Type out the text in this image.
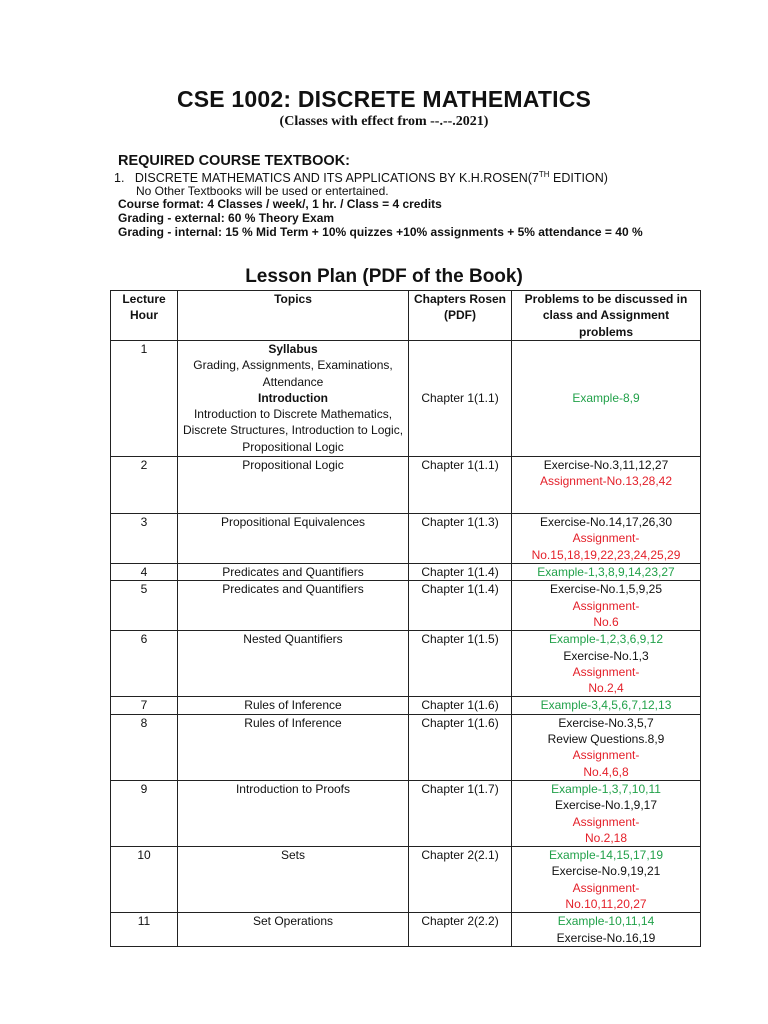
CSE 1002: DISCRETE MATHEMATICS
(Classes with effect from --.--.2021)
REQUIRED COURSE TEXTBOOK:
1. DISCRETE MATHEMATICS AND ITS APPLICATIONS BY K.H.ROSEN(7TH EDITION)
No Other Textbooks will be used or entertained.
Course format: 4 Classes / week/, 1 hr. / Class = 4 credits
Grading - external: 60 % Theory Exam
Grading - internal: 15 % Mid Term + 10% quizzes +10% assignments + 5% attendance = 40 %
Lesson Plan (PDF of the Book)
Lecture Hour	Topics	Chapters Rosen (PDF)	Problems to be discussed in class and Assignment problems
1	Syllabus
Grading, Assignments, Examinations, Attendance
Introduction
Introduction to Discrete Mathematics, Discrete Structures, Introduction to Logic, Propositional Logic	Chapter 1(1.1)	Example-8,9

2	Propositional Logic	Chapter 1(1.1)	Exercise-No.3,11,12,27
Assignment-No.13,28,42

3	Propositional Equivalences	Chapter 1(1.3)	Exercise-No.14,17,26,30
Assignment-
No.15,18,19,22,23,24,25,29

4	Predicates and Quantifiers	Chapter 1(1.4)	Example-1,3,8,9,14,23,27

5	Predicates and Quantifiers	Chapter 1(1.4)	Exercise-No.1,5,9,25
Assignment-
No.6

6	Nested Quantifiers	Chapter 1(1.5)	Example-1,2,3,6,9,12
Exercise-No.1,3
Assignment-
No.2,4

7	Rules of Inference	Chapter 1(1.6)	Example-3,4,5,6,7,12,13

8	Rules of Inference	Chapter 1(1.6)	Exercise-No.3,5,7
Review Questions.8,9
Assignment-
No.4,6,8

9	Introduction to Proofs	Chapter 1(1.7)	Example-1,3,7,10,11
Exercise-No.1,9,17
Assignment-
No.2,18

10	Sets	Chapter 2(2.1)	Example-14,15,17,19
Exercise-No.9,19,21
Assignment-
No.10,11,20,27

11	Set Operations	Chapter 2(2.2)	Example-10,11,14
Exercise-No.16,19
